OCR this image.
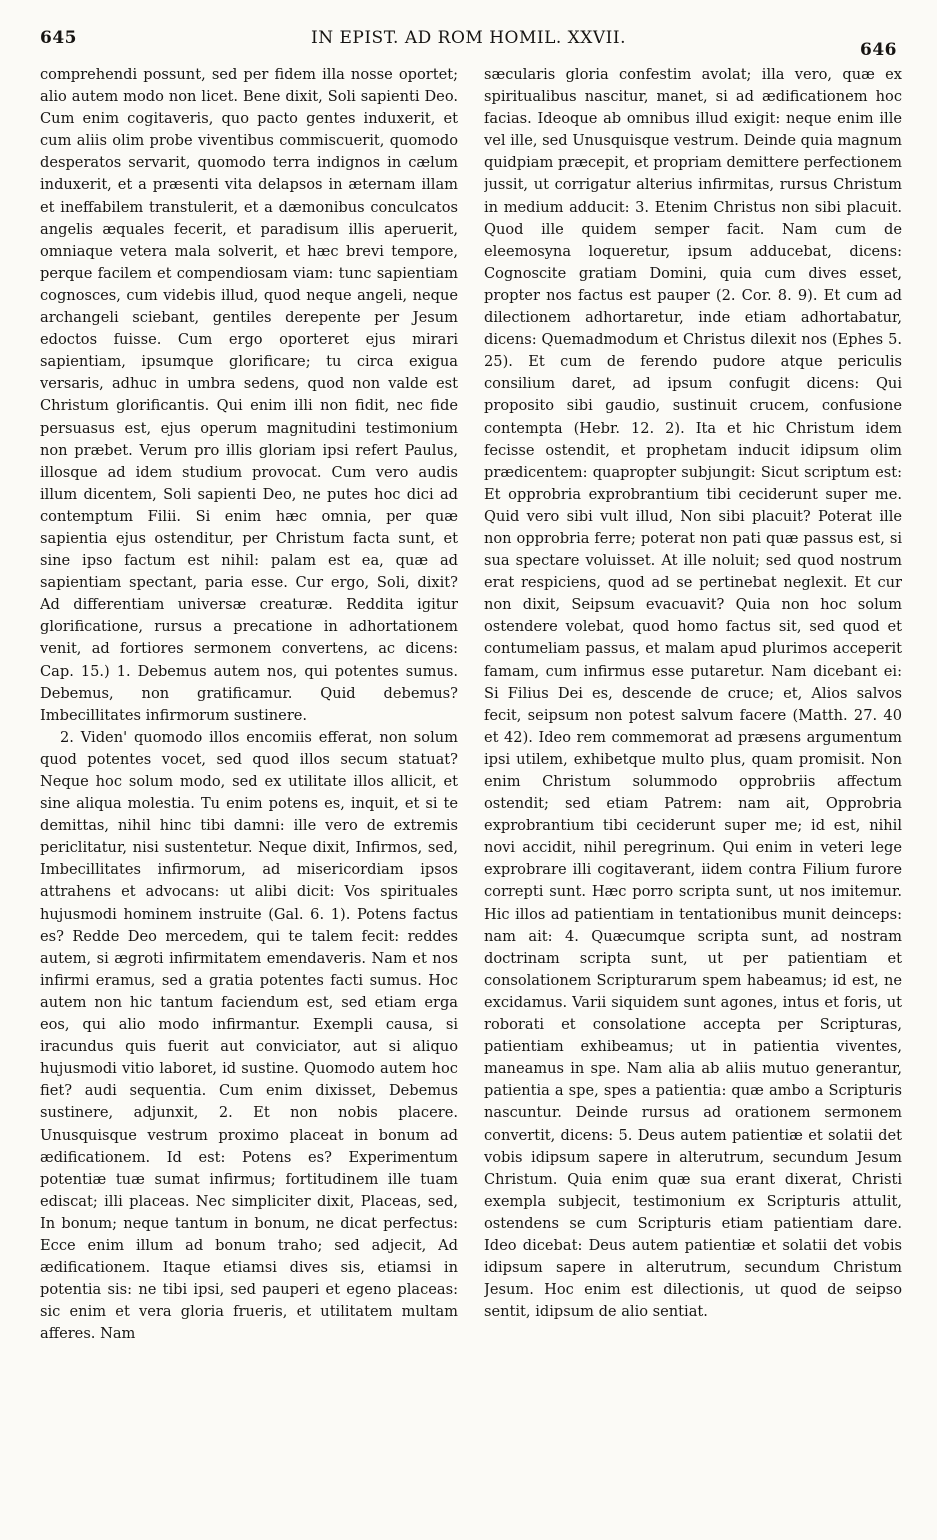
645	IN EPIST. AD ROM HOMIL. XXVII.
646

comprehendi possunt, sed per fidem illa nosse oportet; alio autem modo non licet. Bene dixit, Soli sapienti Deo. Cum enim cogitaveris, quo pacto gentes induxerit, et cum aliis olim probe viventibus commiscuerit, quomodo desperatos servarit, quomodo terra indignos in cælum induxerit, et a præsenti vita delapsos in æternam illam et ineffabilem transtulerit, et a dæmonibus conculcatos angelis æquales fecerit, et paradisum illis aperuerit, omniaque vetera mala solverit, et hæc brevi tempore, perque facilem et compendiosam viam: tunc sapientiam cognosces, cum videbis illud, quod neque angeli, neque archangeli sciebant, gentiles derepente per Jesum edoctos fuisse. Cum ergo oporteret ejus mirari sapientiam, ipsumque glorificare; tu circa exigua versaris, adhuc in umbra sedens, quod non valde est Christum glorificantis. Qui enim illi non fidit, nec fide persuasus est, ejus operum magnitudini testimonium non præbet. Verum pro illis gloriam ipsi refert Paulus, illosque ad idem studium provocat. Cum vero audis illum dicentem, Soli sapienti Deo, ne putes hoc dici ad contemptum Filii. Si enim hæc omnia, per quæ sapientia ejus ostenditur, per Christum facta sunt, et sine ipso factum est nihil: palam est ea, quæ ad sapientiam spectant, paria esse. Cur ergo, Soli, dixit? Ad differentiam universæ creaturæ. Reddita igitur glorificatione, rursus a precatione in adhortationem venit, ad fortiores sermonem convertens, ac dicens: Cap. 15.) 1. Debemus autem nos, qui potentes sumus. Debemus, non gratificamur. Quid debemus? Imbecillitates infirmorum sustinere.

2. Viden' quomodo illos encomiis efferat, non solum quod potentes vocet, sed quod illos secum statuat? Neque hoc solum modo, sed ex utilitate illos allicit, et sine aliqua molestia. Tu enim potens es, inquit, et si te demittas, nihil hinc tibi damni: ille vero de extremis periclitatur, nisi sustentetur. Neque dixit, Infirmos, sed, Imbecillitates infirmorum, ad misericordiam ipsos attrahens et advocans: ut alibi dicit: Vos spirituales hujusmodi hominem instruite (Gal. 6. 1). Potens factus es? Redde Deo mercedem, qui te talem fecit: reddes autem, si ægroti infirmitatem emendaveris. Nam et nos infirmi eramus, sed a gratia potentes facti sumus. Hoc autem non hic tantum faciendum est, sed etiam erga eos, qui alio modo infirmantur. Exempli causa, si iracundus quis fuerit aut conviciator, aut si aliquo hujusmodi vitio laboret, id sustine. Quomodo autem hoc fiet? audi sequentia. Cum enim dixisset, Debemus sustinere, adjunxit, 2. Et non nobis placere. Unusquisque vestrum proximo placeat in bonum ad ædificationem. Id est: Potens es? Experimentum potentiæ tuæ sumat infirmus; fortitudinem ille tuam ediscat; illi placeas. Nec simpliciter dixit, Placeas, sed, In bonum; neque tantum in bonum, ne dicat perfectus: Ecce enim illum ad bonum traho; sed adjecit, Ad ædificationem. Itaque etiamsi dives sis, etiamsi in potentia sis: ne tibi ipsi, sed pauperi et egeno placeas: sic enim et vera gloria frueris, et utilitatem multam afferes. Nam

sæcularis gloria confestim avolat; illa vero, quæ ex spiritualibus nascitur, manet, si ad ædificationem hoc facias. Ideoque ab omnibus illud exigit: neque enim ille vel ille, sed Unusquisque vestrum. Deinde quia magnum quidpiam præcepit, et propriam demittere perfectionem jussit, ut corrigatur alterius infirmitas, rursus Christum in medium adducit: 3. Etenim Christus non sibi placuit. Quod ille quidem semper facit. Nam cum de eleemosyna loqueretur, ipsum adducebat, dicens: Cognoscite gratiam Domini, quia cum dives esset, propter nos factus est pauper (2. Cor. 8. 9). Et cum ad dilectionem adhortaretur, inde etiam adhortabatur, dicens: Quemadmodum et Christus dilexit nos (Ephes 5. 25). Et cum de ferendo pudore atque periculis consilium daret, ad ipsum confugit dicens: Qui proposito sibi gaudio, sustinuit crucem, confusione contempta (Hebr. 12. 2). Ita et hic Christum idem fecisse ostendit, et prophetam inducit idipsum olim prædicentem: quapropter subjungit: Sicut scriptum est: Et opprobria exprobrantium tibi ceciderunt super me. Quid vero sibi vult illud, Non sibi placuit? Poterat ille non opprobria ferre; poterat non pati quæ passus est, si sua spectare voluisset. At ille noluit; sed quod nostrum erat respiciens, quod ad se pertinebat neglexit. Et cur non dixit, Seipsum evacuavit? Quia non hoc solum ostendere volebat, quod homo factus sit, sed quod et contumeliam passus, et malam apud plurimos acceperit famam, cum infirmus esse putaretur. Nam dicebant ei: Si Filius Dei es, descende de cruce; et, Alios salvos fecit, seipsum non potest salvum facere (Matth. 27. 40 et 42). Ideo rem commemorat ad præsens argumentum ipsi utilem, exhibetque multo plus, quam promisit. Non enim Christum solummodo opprobriis affectum ostendit; sed etiam Patrem: nam ait, Opprobria exprobrantium tibi ceciderunt super me; id est, nihil novi accidit, nihil peregrinum. Qui enim in veteri lege exprobrare illi cogitaverant, iidem contra Filium furore correpti sunt. Hæc porro scripta sunt, ut nos imitemur. Hic illos ad patientiam in tentationibus munit deinceps: nam ait: 4. Quæcumque scripta sunt, ad nostram doctrinam scripta sunt, ut per patientiam et consolationem Scripturarum spem habeamus; id est, ne excidamus. Varii siquidem sunt agones, intus et foris, ut roborati et consolatione accepta per Scripturas, patientiam exhibeamus; ut in patientia viventes, maneamus in spe. Nam alia ab aliis mutuo generantur, patientia a spe, spes a patientia: quæ ambo a Scripturis nascuntur. Deinde rursus ad orationem sermonem convertit, dicens: 5. Deus autem patientiæ et solatii det vobis idipsum sapere in alterutrum, secundum Jesum Christum. Quia enim quæ sua erant dixerat, Christi exempla subjecit, testimonium ex Scripturis attulit, ostendens se cum Scripturis etiam patientiam dare. Ideo dicebat: Deus autem patientiæ et solatii det vobis idipsum sapere in alterutrum, secundum Christum Jesum. Hoc enim est dilectionis, ut quod de seipso sentit, idipsum de alio sentiat.
